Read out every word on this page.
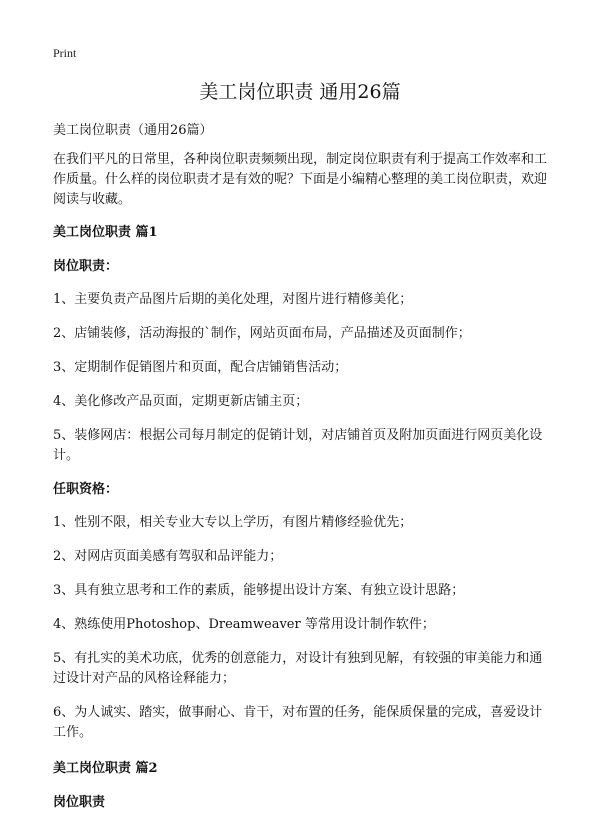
Print
美工岗位职责 通用26篇

美工岗位职责（通用26篇）

在我们平凡的日常里，各种岗位职责频频出现，制定岗位职责有利于提高工作效率和工作质量。什么样的岗位职责才是有效的呢？下面是小编精心整理的美工岗位职责，欢迎阅读与收藏。

美工岗位职责 篇1

岗位职责：

1、主要负责产品图片后期的美化处理，对图片进行精修美化；

2、店铺装修，活动海报的`制作，网站页面布局，产品描述及页面制作；

3、定期制作促销图片和页面，配合店铺销售活动；

4、美化修改产品页面，定期更新店铺主页；

5、装修网店：根据公司每月制定的促销计划，对店铺首页及附加页面进行网页美化设计。

任职资格：

1、性别不限，相关专业大专以上学历，有图片精修经验优先；

2、对网店页面美感有驾驭和品评能力；

3、具有独立思考和工作的素质，能够提出设计方案、有独立设计思路；

4、熟练使用Photoshop、Dreamweaver 等常用设计制作软件；

5、有扎实的美术功底，优秀的创意能力，对设计有独到见解，有较强的审美能力和通过设计对产品的风格诠释能力；

6、为人诚实、踏实，做事耐心、肯干，对布置的任务，能保质保量的完成，喜爱设计工作。

美工岗位职责 篇2

岗位职责
